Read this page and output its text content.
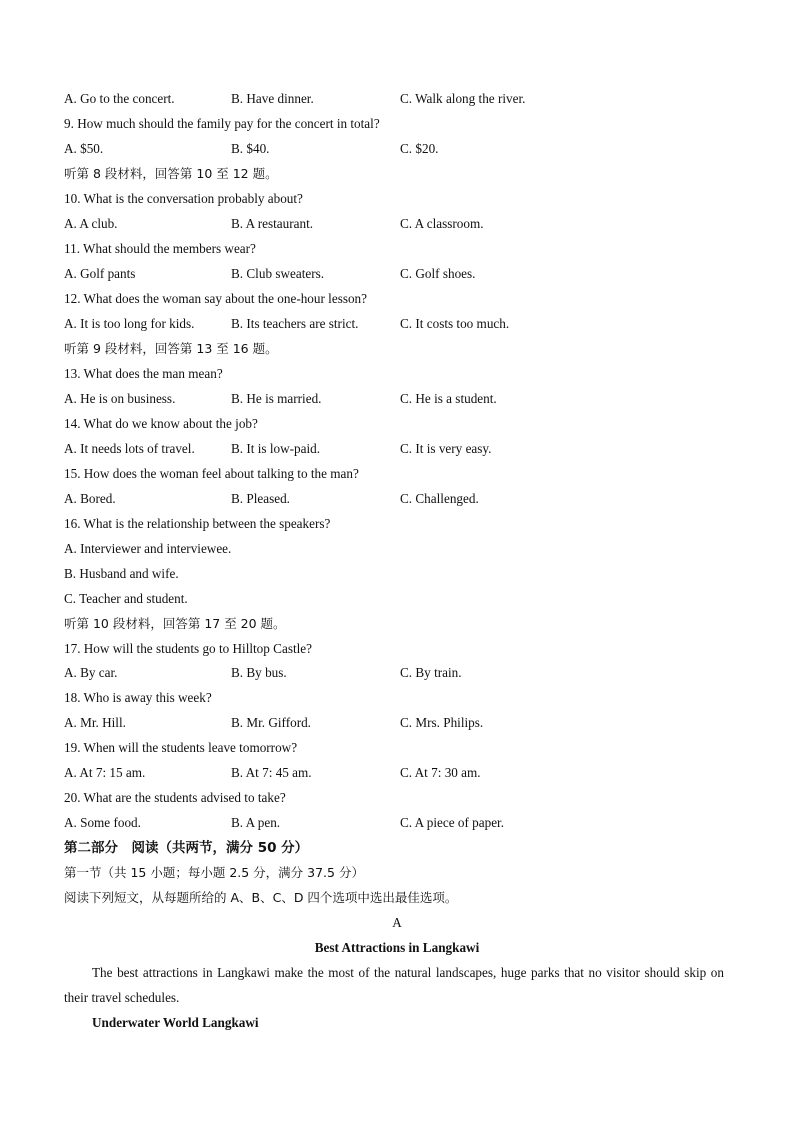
A. Go to the concert.	B. Have dinner.	C. Walk along the river.
9. How much should the family pay for the concert in total?
A. $50.	B. $40.	C. $20.
听第 8 段材料，回答第 10 至 12 题。
10. What is the conversation probably about?
A. A club.	B. A restaurant.	C. A classroom.
11. What should the members wear?
A. Golf pants	B. Club sweaters.	C. Golf shoes.
12. What does the woman say about the one-hour lesson?
A. It is too long for kids.	B. Its teachers are strict.	C. It costs too much.
听第 9 段材料，回答第 13 至 16 题。
13. What does the man mean?
A. He is on business.	B. He is married.	C. He is a student.
14. What do we know about the job?
A. It needs lots of travel.	B. It is low-paid.	C. It is very easy.
15. How does the woman feel about talking to the man?
A. Bored.	B. Pleased.	C. Challenged.
16. What is the relationship between the speakers?
A. Interviewer and interviewee.
B. Husband and wife.
C. Teacher and student.
听第 10 段材料，回答第 17 至 20 题。
17. How will the students go to Hilltop Castle?
A. By car.	B. By bus.	C. By train.
18. Who is away this week?
A. Mr. Hill.	B. Mr. Gifford.	C. Mrs. Philips.
19. When will the students leave tomorrow?
A. At 7: 15 am.	B. At 7: 45 am.	C. At 7: 30 am.
20. What are the students advised to take?
A. Some food.	B. A pen.	C. A piece of paper.
第二部分　阅读（共两节，满分 50 分）
第一节（共 15 小题；每小题 2.5 分，满分 37.5 分）
阅读下列短文，从每题所给的 A、B、C、D 四个选项中选出最佳选项。
A
Best Attractions in Langkawi
The best attractions in Langkawi make the most of the natural landscapes, huge parks that no visitor should skip on their travel schedules.
Underwater World Langkawi
